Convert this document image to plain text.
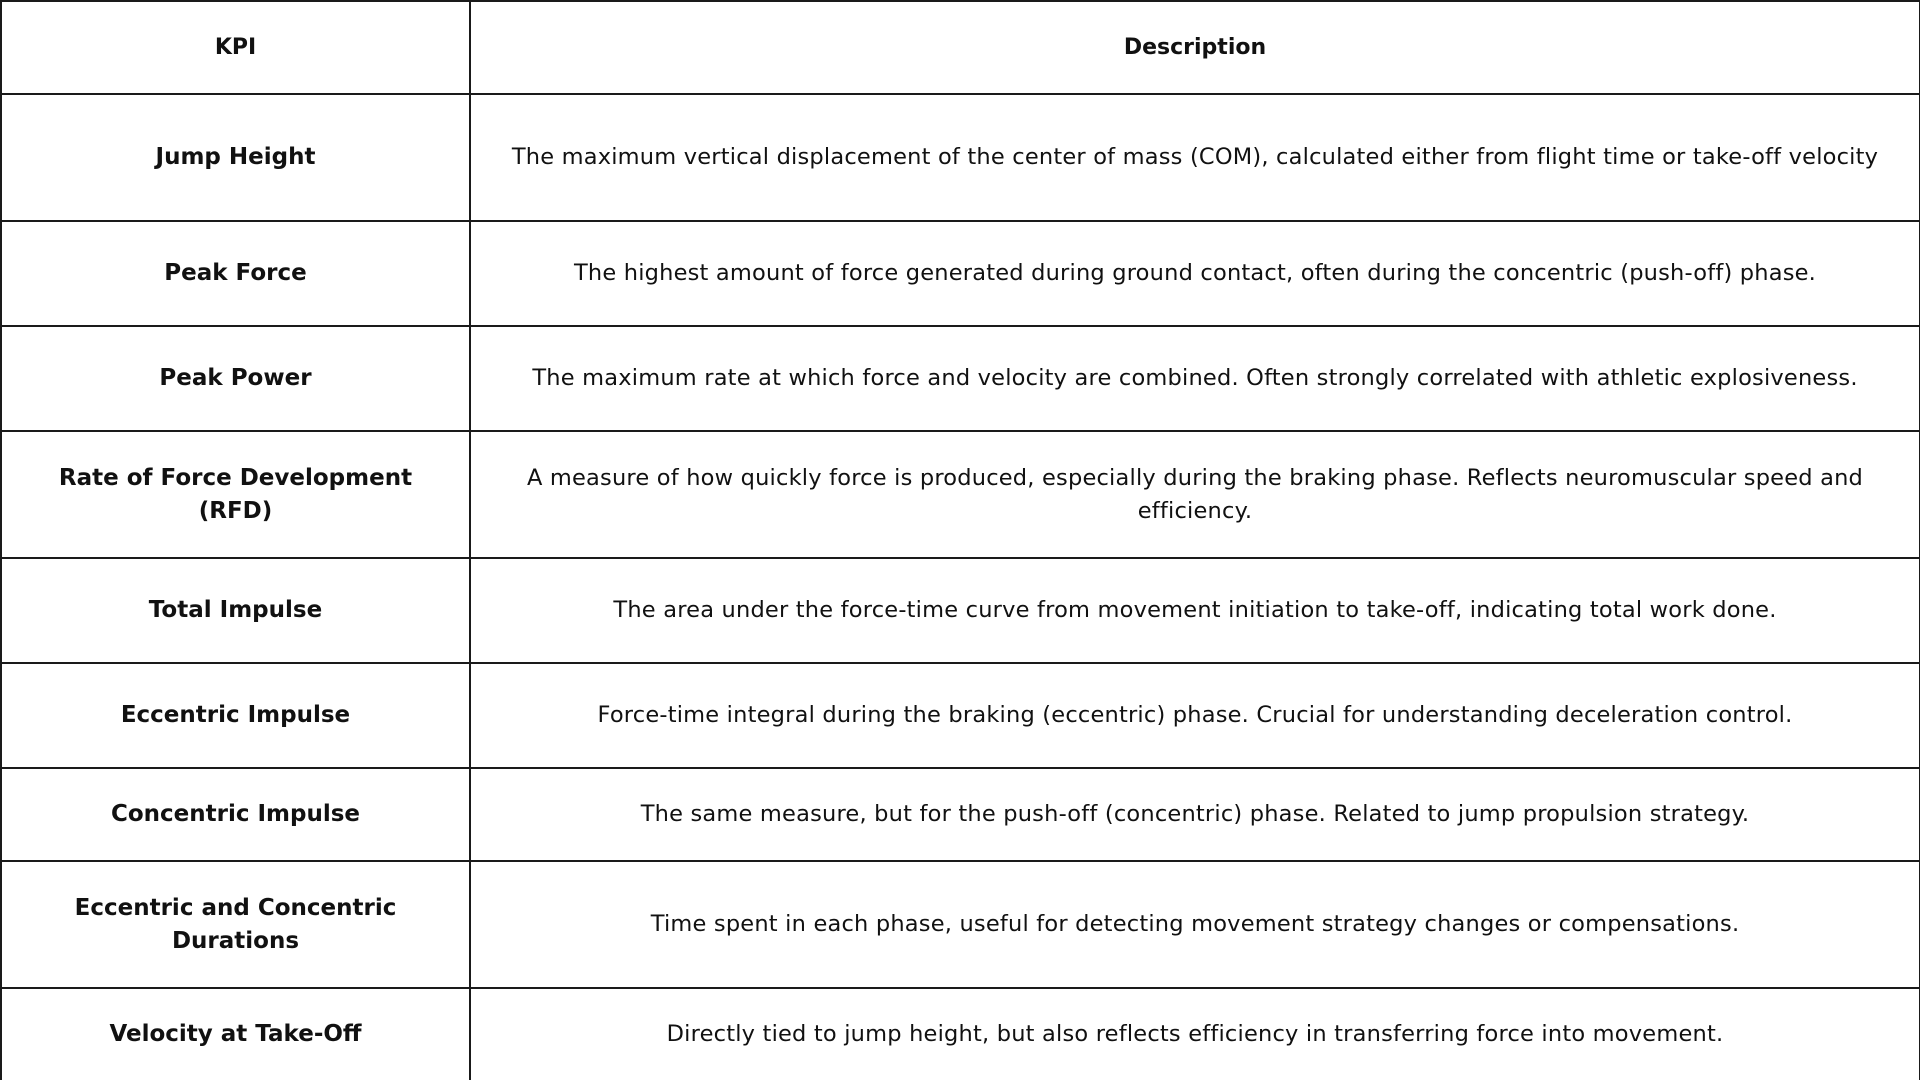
KPI	Description
Jump Height	The maximum vertical displacement of the center of mass (COM), calculated either from flight time or take-off velocity
Peak Force	The highest amount of force generated during ground contact, often during the concentric (push-off) phase.
Peak Power	The maximum rate at which force and velocity are combined. Often strongly correlated with athletic explosiveness.
Rate of Force Development (RFD)	A measure of how quickly force is produced, especially during the braking phase. Reflects neuromuscular speed and efficiency.
Total Impulse	The area under the force-time curve from movement initiation to take-off, indicating total work done.
Eccentric Impulse	Force-time integral during the braking (eccentric) phase. Crucial for understanding deceleration control.
Concentric Impulse	The same measure, but for the push-off (concentric) phase. Related to jump propulsion strategy.
Eccentric and Concentric Durations	Time spent in each phase, useful for detecting movement strategy changes or compensations.
Velocity at Take-Off	Directly tied to jump height, but also reflects efficiency in transferring force into movement.
